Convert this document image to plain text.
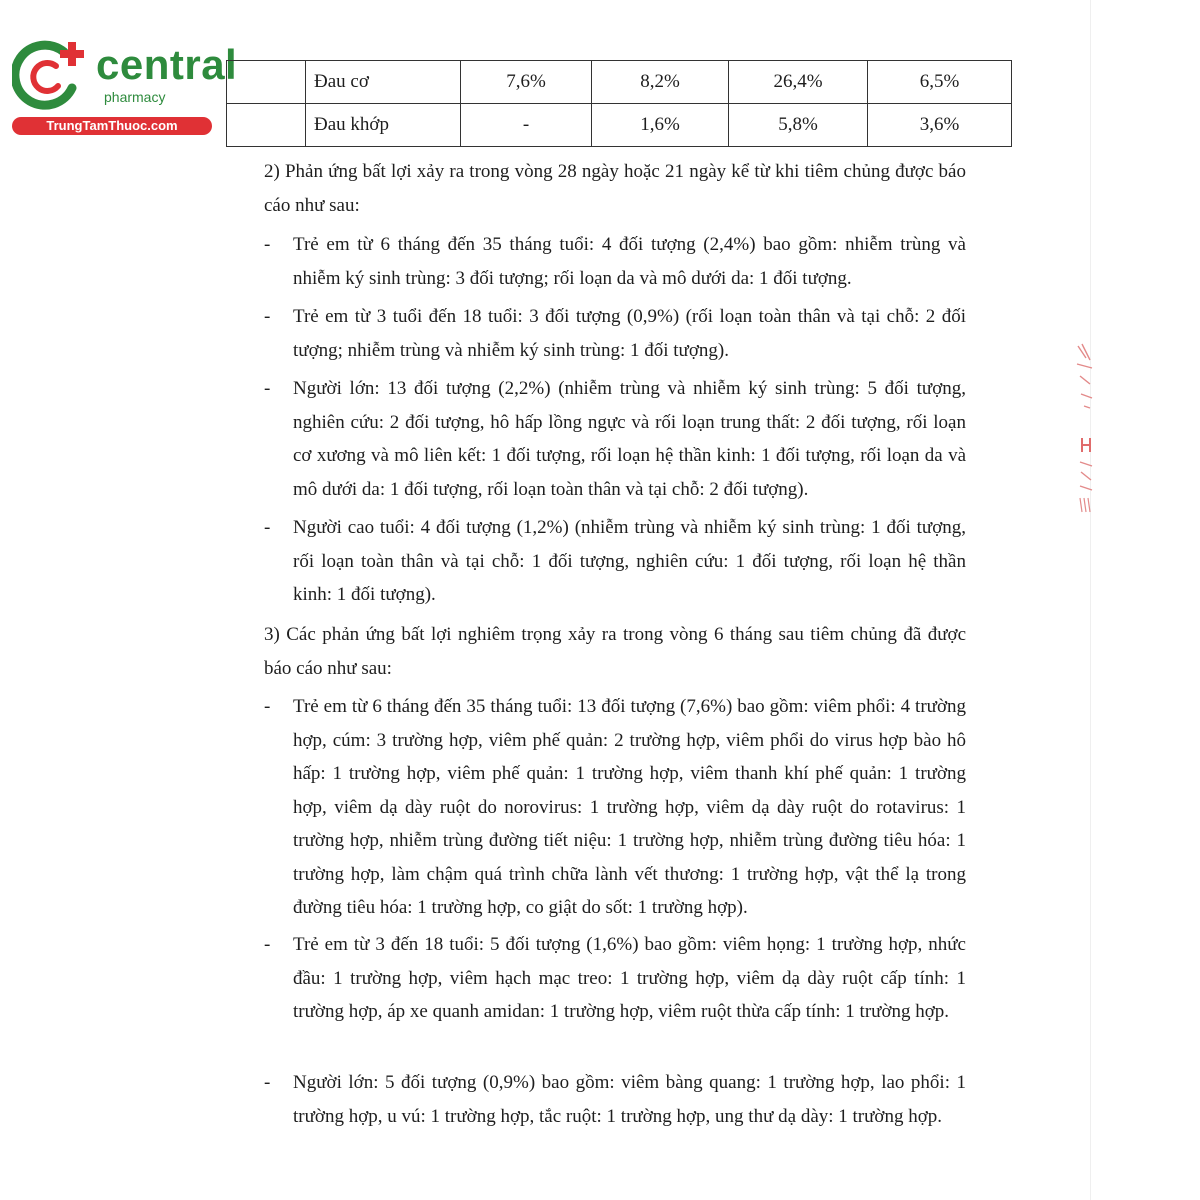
central
pharmacy
TrungTamThuoc.com
	Đau cơ	7,6%	8,2%	26,4%	6,5%
	Đau khớp	-	1,6%	5,8%	3,6%

2) Phản ứng bất lợi xảy ra trong vòng 28 ngày hoặc 21 ngày kể từ khi tiêm chủng được báo cáo như sau:

- Trẻ em từ 6 tháng đến 35 tháng tuổi: 4 đối tượng (2,4%) bao gồm: nhiễm trùng và nhiễm ký sinh trùng: 3 đối tượng; rối loạn da và mô dưới da: 1 đối tượng.

- Trẻ em từ 3 tuổi đến 18 tuổi: 3 đối tượng (0,9%) (rối loạn toàn thân và tại chỗ: 2 đối tượng; nhiễm trùng và nhiễm ký sinh trùng: 1 đối tượng).

- Người lớn: 13 đối tượng (2,2%) (nhiễm trùng và nhiễm ký sinh trùng: 5 đối tượng, nghiên cứu: 2 đối tượng, hô hấp lồng ngực và rối loạn trung thất: 2 đối tượng, rối loạn cơ xương và mô liên kết: 1 đối tượng, rối loạn hệ thần kinh: 1 đối tượng, rối loạn da và mô dưới da: 1 đối tượng, rối loạn toàn thân và tại chỗ: 2 đối tượng).

- Người cao tuổi: 4 đối tượng (1,2%) (nhiễm trùng và nhiễm ký sinh trùng: 1 đối tượng, rối loạn toàn thân và tại chỗ: 1 đối tượng, nghiên cứu: 1 đối tượng, rối loạn hệ thần kinh: 1 đối tượng).

3) Các phản ứng bất lợi nghiêm trọng xảy ra trong vòng 6 tháng sau tiêm chủng đã được báo cáo như sau:

- Trẻ em từ 6 tháng đến 35 tháng tuổi: 13 đối tượng (7,6%) bao gồm: viêm phổi: 4 trường hợp, cúm: 3 trường hợp, viêm phế quản: 2 trường hợp, viêm phổi do virus hợp bào hô hấp: 1 trường hợp, viêm phế quản: 1 trường hợp, viêm thanh khí phế quản: 1 trường hợp, viêm dạ dày ruột do norovirus: 1 trường hợp, viêm dạ dày ruột do rotavirus: 1 trường hợp, nhiễm trùng đường tiết niệu: 1 trường hợp, nhiễm trùng đường tiêu hóa: 1 trường hợp, làm chậm quá trình chữa lành vết thương: 1 trường hợp, vật thể lạ trong đường tiêu hóa: 1 trường hợp, co giật do sốt: 1 trường hợp).

- Trẻ em từ 3 đến 18 tuổi: 5 đối tượng (1,6%) bao gồm: viêm họng: 1 trường hợp, nhức đầu: 1 trường hợp, viêm hạch mạc treo: 1 trường hợp, viêm dạ dày ruột cấp tính: 1 trường hợp, áp xe quanh amidan: 1 trường hợp, viêm ruột thừa cấp tính: 1 trường hợp.

- Người lớn: 5 đối tượng (0,9%) bao gồm: viêm bàng quang: 1 trường hợp, lao phổi: 1 trường hợp, u vú: 1 trường hợp, tắc ruột: 1 trường hợp, ung thư dạ dày: 1 trường hợp.
